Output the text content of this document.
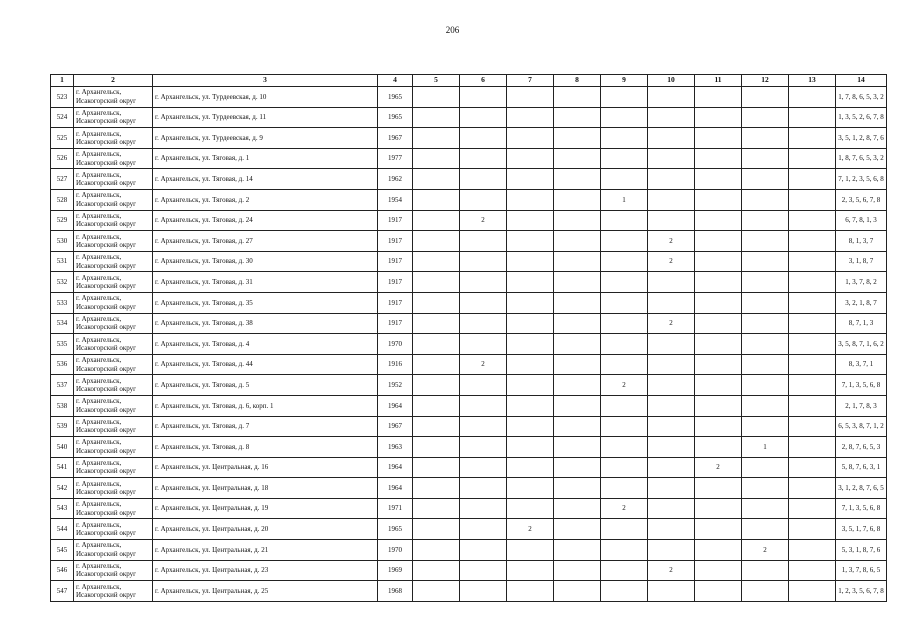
206
1	2	3	4	5	6	7	8	9	10	11	12	13	14
523	г. Архангельск,
Исакогорский округ	г. Архангельск, ул. Турдеевская, д. 10	1965										1, 7, 8, 6, 5, 3, 2
524	г. Архангельск,
Исакогорский округ	г. Архангельск, ул. Турдеевская, д. 11	1965										1, 3, 5, 2, 6, 7, 8
525	г. Архангельск,
Исакогорский округ	г. Архангельск, ул. Турдеевская, д. 9	1967										3, 5, 1, 2, 8, 7, 6
526	г. Архангельск,
Исакогорский округ	г. Архангельск, ул. Тяговая, д. 1	1977										1, 8, 7, 6, 5, 3, 2
527	г. Архангельск,
Исакогорский округ	г. Архангельск, ул. Тяговая, д. 14	1962										7, 1, 2, 3, 5, 6, 8
528	г. Архангельск,
Исакогорский округ	г. Архангельск, ул. Тяговая, д. 2	1954					1					2, 3, 5, 6, 7, 8
529	г. Архангельск,
Исакогорский округ	г. Архангельск, ул. Тяговая, д. 24	1917		2								6, 7, 8, 1, 3
530	г. Архангельск,
Исакогорский округ	г. Архангельск, ул. Тяговая, д. 27	1917						2				8, 1, 3, 7
531	г. Архангельск,
Исакогорский округ	г. Архангельск, ул. Тяговая, д. 30	1917						2				3, 1, 8, 7
532	г. Архангельск,
Исакогорский округ	г. Архангельск, ул. Тяговая, д. 31	1917										1, 3, 7, 8, 2
533	г. Архангельск,
Исакогорский округ	г. Архангельск, ул. Тяговая, д. 35	1917										3, 2, 1, 8, 7
534	г. Архангельск,
Исакогорский округ	г. Архангельск, ул. Тяговая, д. 38	1917						2				8, 7, 1, 3
535	г. Архангельск,
Исакогорский округ	г. Архангельск, ул. Тяговая, д. 4	1970										3, 5, 8, 7, 1, 6, 2
536	г. Архангельск,
Исакогорский округ	г. Архангельск, ул. Тяговая, д. 44	1916		2								8, 3, 7, 1
537	г. Архангельск,
Исакогорский округ	г. Архангельск, ул. Тяговая, д. 5	1952					2					7, 1, 3, 5, 6, 8
538	г. Архангельск,
Исакогорский округ	г. Архангельск, ул. Тяговая, д. 6, корп. 1	1964										2, 1, 7, 8, 3
539	г. Архангельск,
Исакогорский округ	г. Архангельск, ул. Тяговая, д. 7	1967										6, 5, 3, 8, 7, 1, 2
540	г. Архангельск,
Исакогорский округ	г. Архангельск, ул. Тяговая, д. 8	1963								1		2, 8, 7, 6, 5, 3
541	г. Архангельск,
Исакогорский округ	г. Архангельск, ул. Центральная, д. 16	1964							2			5, 8, 7, 6, 3, 1
542	г. Архангельск,
Исакогорский округ	г. Архангельск, ул. Центральная, д. 18	1964										3, 1, 2, 8, 7, 6, 5
543	г. Архангельск,
Исакогорский округ	г. Архангельск, ул. Центральная, д. 19	1971					2					7, 1, 3, 5, 6, 8
544	г. Архангельск,
Исакогорский округ	г. Архангельск, ул. Центральная, д. 20	1965			2							3, 5, 1, 7, 6, 8
545	г. Архангельск,
Исакогорский округ	г. Архангельск, ул. Центральная, д. 21	1970								2		5, 3, 1, 8, 7, 6
546	г. Архангельск,
Исакогорский округ	г. Архангельск, ул. Центральная, д. 23	1969						2				1, 3, 7, 8, 6, 5
547	г. Архангельск,
Исакогорский округ	г. Архангельск, ул. Центральная, д. 25	1968										1, 2, 3, 5, 6, 7, 8
